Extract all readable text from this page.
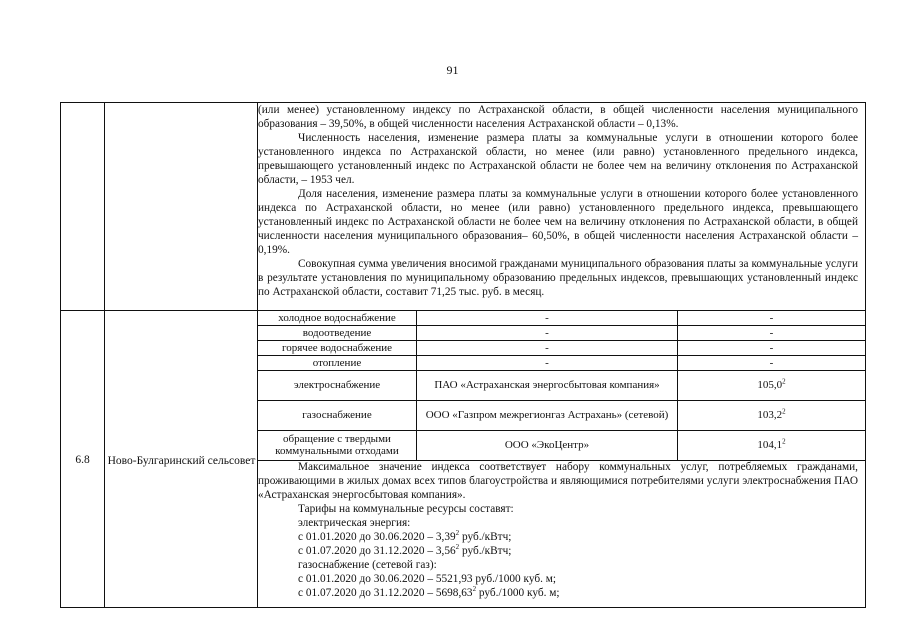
91

(или менее) установленному индексу по Астраханской области, в общей численности населения муниципального образования – 39,50%, в общей численности населения Астраханской области – 0,13%.

Численность населения, изменение размера платы за коммунальные услуги в отношении которого более установленного индекса по Астраханской области, но менее (или равно) установленного предельного индекса, превышающего установленный индекс по Астраханской области не более чем на величину отклонения по Астраханской области, – 1953 чел.

Доля населения, изменение размера платы за коммунальные услуги в отношении которого более установленного индекса по Астраханской области, но менее (или равно) установленного предельного индекса, превышающего установленный индекс по Астраханской области не более чем на величину отклонения по Астраханской области, в общей численности населения муниципального образования– 60,50%, в общей численности населения Астраханской области – 0,19%.

Совокупная сумма увеличения вносимой гражданами муниципального образования платы за коммунальные услуги в результате установления по муниципальному образованию предельных индексов, превышающих установленный индекс по Астраханской области, составит 71,25 тыс. руб. в месяц.

6.8	Ново-Булгаринский сельсовет
холодное водоснабжение	-	-
водоотведение	-	-
горячее водоснабжение	-	-
отопление	-	-
электроснабжение	ПАО «Астраханская энергосбытовая компания»	105,0$^2$
газоснабжение	ООО «Газпром межрегионгаз Астрахань» (сетевой)	103,2$^2$
обращение с твердыми коммунальными отходами	ООО «ЭкоЦентр»	104,1$^2$

Максимальное значение индекса соответствует набору коммунальных услуг, потребляемых гражданами, проживающими в жилых домах всех типов благоустройства и являющимися потребителями услуги электроснабжения ПАО «Астраханская энергосбытовая компания».

Тарифы на коммунальные ресурсы составят:

электрическая энергия:

с 01.01.2020 до 30.06.2020 – 3,39$^2$ руб./кВтч;

с 01.07.2020 до 31.12.2020 – 3,56$^2$ руб./кВтч;

газоснабжение (сетевой газ):

с 01.01.2020 до 30.06.2020 – 5521,93 руб./1000 куб. м;

с 01.07.2020 до 31.12.2020 – 5698,63$^2$ руб./1000 куб. м;
